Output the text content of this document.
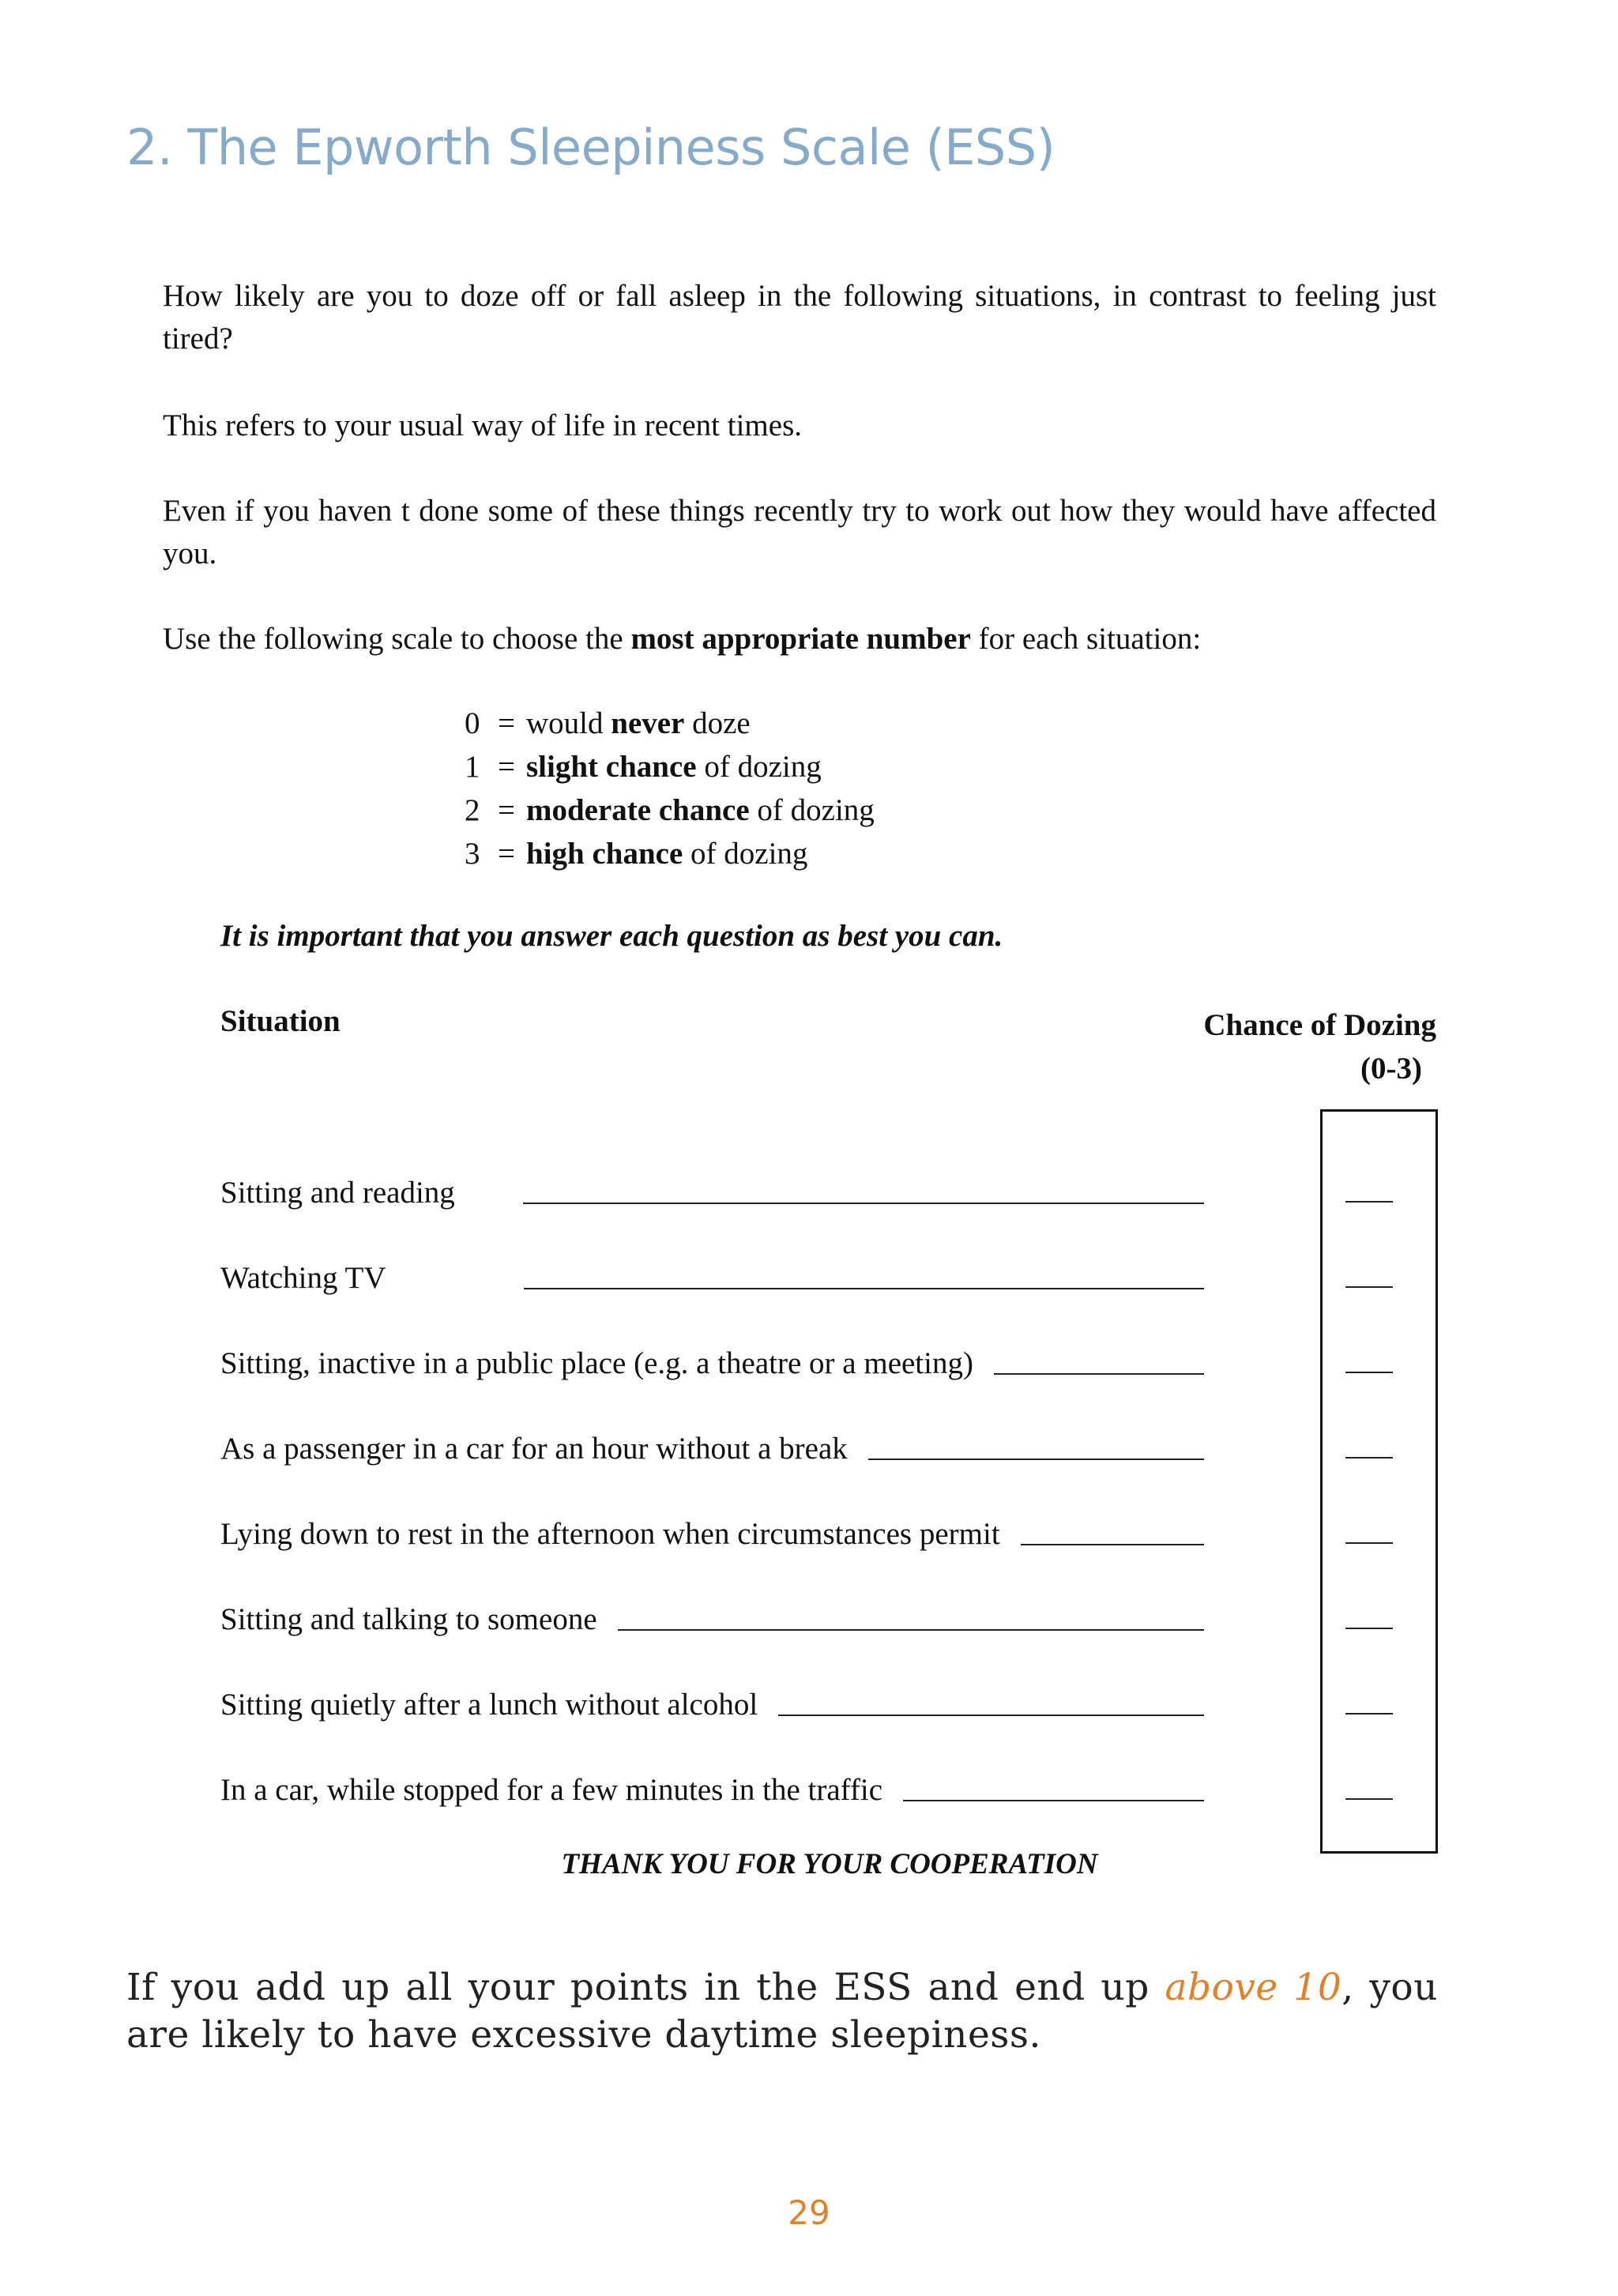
2. The Epworth Sleepiness Scale (ESS)

How likely are you to doze off or fall asleep in the following situations, in contrast to feeling just tired?

This refers to your usual way of life in recent times.

Even if you haven t done some of these things recently try to work out how they would have affected you.

Use the following scale to choose the most appropriate number for each situation:

0 = would never doze
1 = slight chance of dozing
2 = moderate chance of dozing
3 = high chance of dozing

It is important that you answer each question as best you can.

Situation	Chance of Dozing
(0-3)
Sitting and reading
Watching TV
Sitting, inactive in a public place (e.g. a theatre or a meeting)
As a passenger in a car for an hour without a break
Lying down to rest in the afternoon when circumstances permit
Sitting and talking to someone
Sitting quietly after a lunch without alcohol
In a car, while stopped for a few minutes in the traffic

THANK YOU FOR YOUR COOPERATION

If you add up all your points in the ESS and end up above 10, you are likely to have excessive daytime sleepiness.

29
